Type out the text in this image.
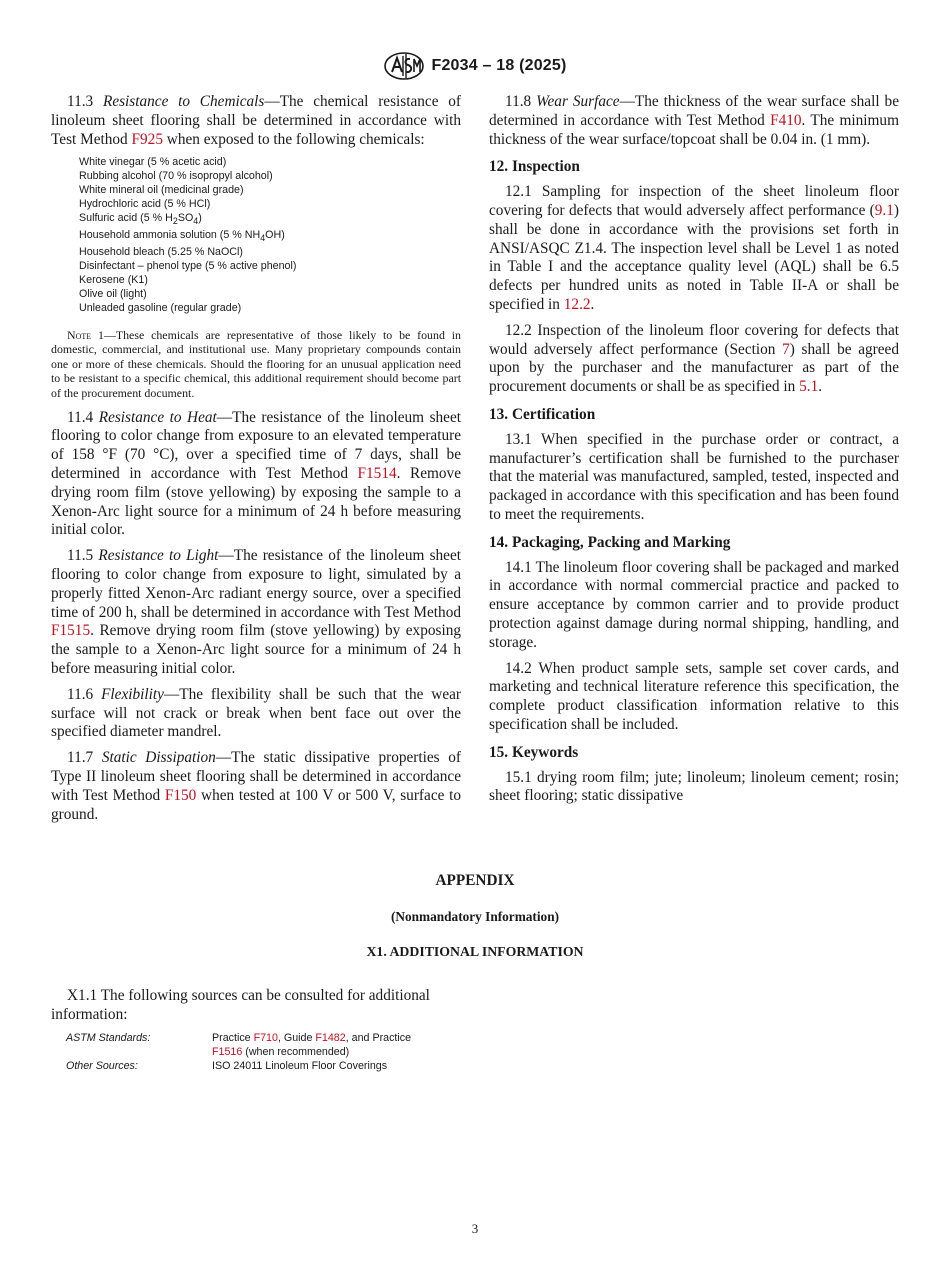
F2034 – 18 (2025)

11.3 Resistance to Chemicals—The chemical resistance of linoleum sheet flooring shall be determined in accordance with Test Method F925 when exposed to the following chemicals:

White vinegar (5 % acetic acid)
Rubbing alcohol (70 % isopropyl alcohol)
White mineral oil (medicinal grade)
Hydrochloric acid (5 % HCl)
Sulfuric acid (5 % $H_2SO_4$)
Household ammonia solution (5 % $NH_4OH$)
Household bleach (5.25 % NaOCl)
Disinfectant – phenol type (5 % active phenol)
Kerosene (K1)
Olive oil (light)
Unleaded gasoline (regular grade)

Note 1—These chemicals are representative of those likely to be found in domestic, commercial, and institutional use. Many proprietary compounds contain one or more of these chemicals. Should the flooring for an unusual application need to be resistant to a specific chemical, this additional requirement should become part of the procurement document.

11.4 Resistance to Heat—The resistance of the linoleum sheet flooring to color change from exposure to an elevated temperature of 158 °F (70 °C), over a specified time of 7 days, shall be determined in accordance with Test Method F1514. Remove drying room film (stove yellowing) by exposing the sample to a Xenon-Arc light source for a minimum of 24 h before measuring initial color.

11.5 Resistance to Light—The resistance of the linoleum sheet flooring to color change from exposure to light, simulated by a properly fitted Xenon-Arc radiant energy source, over a specified time of 200 h, shall be determined in accordance with Test Method F1515. Remove drying room film (stove yellowing) by exposing the sample to a Xenon-Arc light source for a minimum of 24 h before measuring initial color.

11.6 Flexibility—The flexibility shall be such that the wear surface will not crack or break when bent face out over the specified diameter mandrel.

11.7 Static Dissipation—The static dissipative properties of Type II linoleum sheet flooring shall be determined in accordance with Test Method F150 when tested at 100 V or 500 V, surface to ground.

11.8 Wear Surface—The thickness of the wear surface shall be determined in accordance with Test Method F410. The minimum thickness of the wear surface/topcoat shall be 0.04 in. (1 mm).

12. Inspection

12.1 Sampling for inspection of the sheet linoleum floor covering for defects that would adversely affect performance (9.1) shall be done in accordance with the provisions set forth in ANSI/ASQC Z1.4. The inspection level shall be Level 1 as noted in Table I and the acceptance quality level (AQL) shall be 6.5 defects per hundred units as noted in Table II-A or shall be specified in 12.2.

12.2 Inspection of the linoleum floor covering for defects that would adversely affect performance (Section 7) shall be agreed upon by the purchaser and the manufacturer as part of the procurement documents or shall be as specified in 5.1.

13. Certification

13.1 When specified in the purchase order or contract, a manufacturer’s certification shall be furnished to the purchaser that the material was manufactured, sampled, tested, inspected and packaged in accordance with this specification and has been found to meet the requirements.

14. Packaging, Packing and Marking

14.1 The linoleum floor covering shall be packaged and marked in accordance with normal commercial practice and packed to ensure acceptance by common carrier and to provide product protection against damage during normal shipping, handling, and storage.

14.2 When product sample sets, sample set cover cards, and marketing and technical literature reference this specification, the complete product classification information relative to this specification shall be included.

15. Keywords

15.1 drying room film; jute; linoleum; linoleum cement; rosin; sheet flooring; static dissipative

APPENDIX
(Nonmandatory Information)
X1. ADDITIONAL INFORMATION

X1.1 The following sources can be consulted for additional information:

ASTM Standards:	Practice F710, Guide F1482, and Practice
F1516 (when recommended)
Other Sources:	ISO 24011 Linoleum Floor Coverings
3
